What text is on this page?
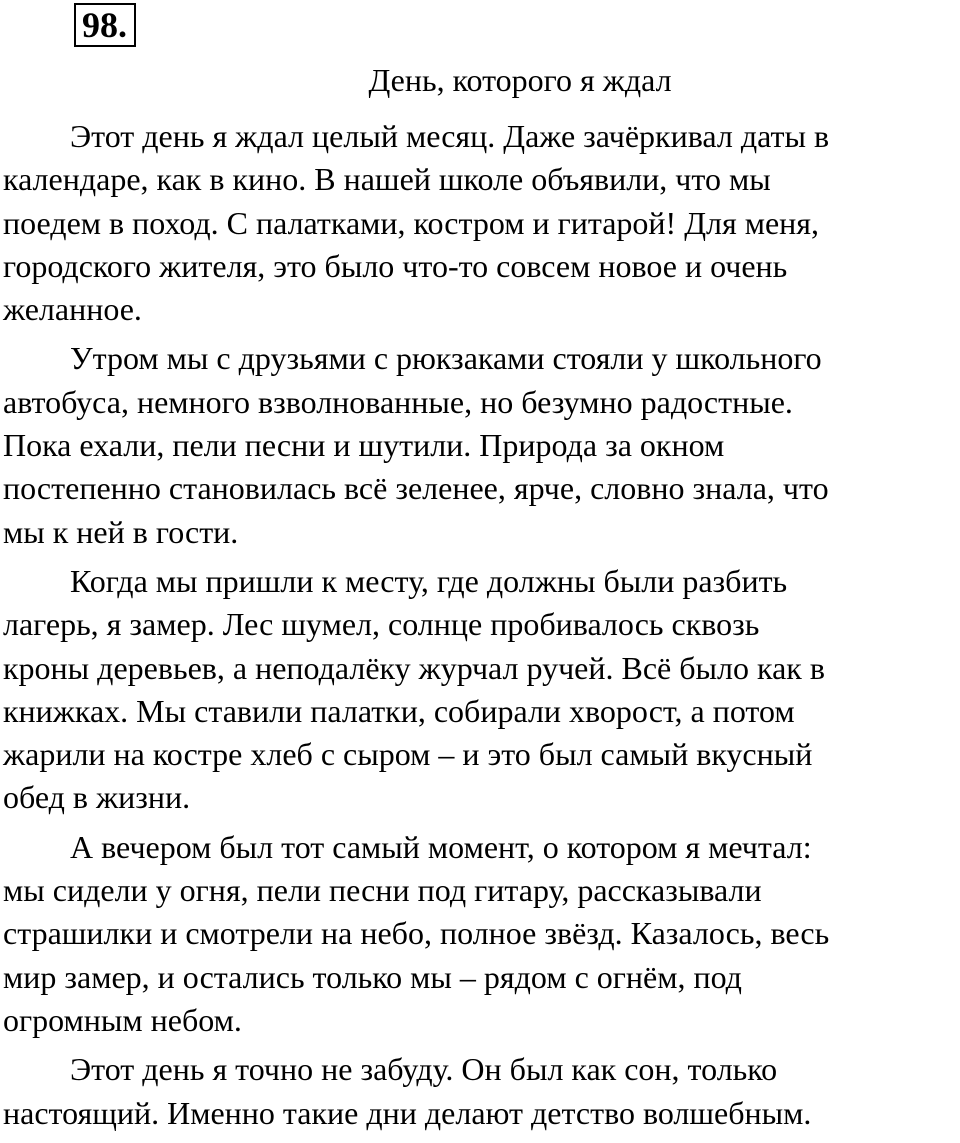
98.
День, которого я ждал

Этот день я ждал целый месяц. Даже зачёркивал даты в
календаре, как в кино. В нашей школе объявили, что мы
поедем в поход. С палатками, костром и гитарой! Для меня,
городского жителя, это было что-то совсем новое и очень
желанное.

Утром мы с друзьями с рюкзаками стояли у школьного
автобуса, немного взволнованные, но безумно радостные.
Пока ехали, пели песни и шутили. Природа за окном
постепенно становилась всё зеленее, ярче, словно знала, что
мы к ней в гости.

Когда мы пришли к месту, где должны были разбить
лагерь, я замер. Лес шумел, солнце пробивалось сквозь
кроны деревьев, а неподалёку журчал ручей. Всё было как в
книжках. Мы ставили палатки, собирали хворост, а потом
жарили на костре хлеб с сыром – и это был самый вкусный
обед в жизни.

А вечером был тот самый момент, о котором я мечтал:
мы сидели у огня, пели песни под гитару, рассказывали
страшилки и смотрели на небо, полное звёзд. Казалось, весь
мир замер, и остались только мы – рядом с огнём, под
огромным небом.

Этот день я точно не забуду. Он был как сон, только
настоящий. Именно такие дни делают детство волшебным.
